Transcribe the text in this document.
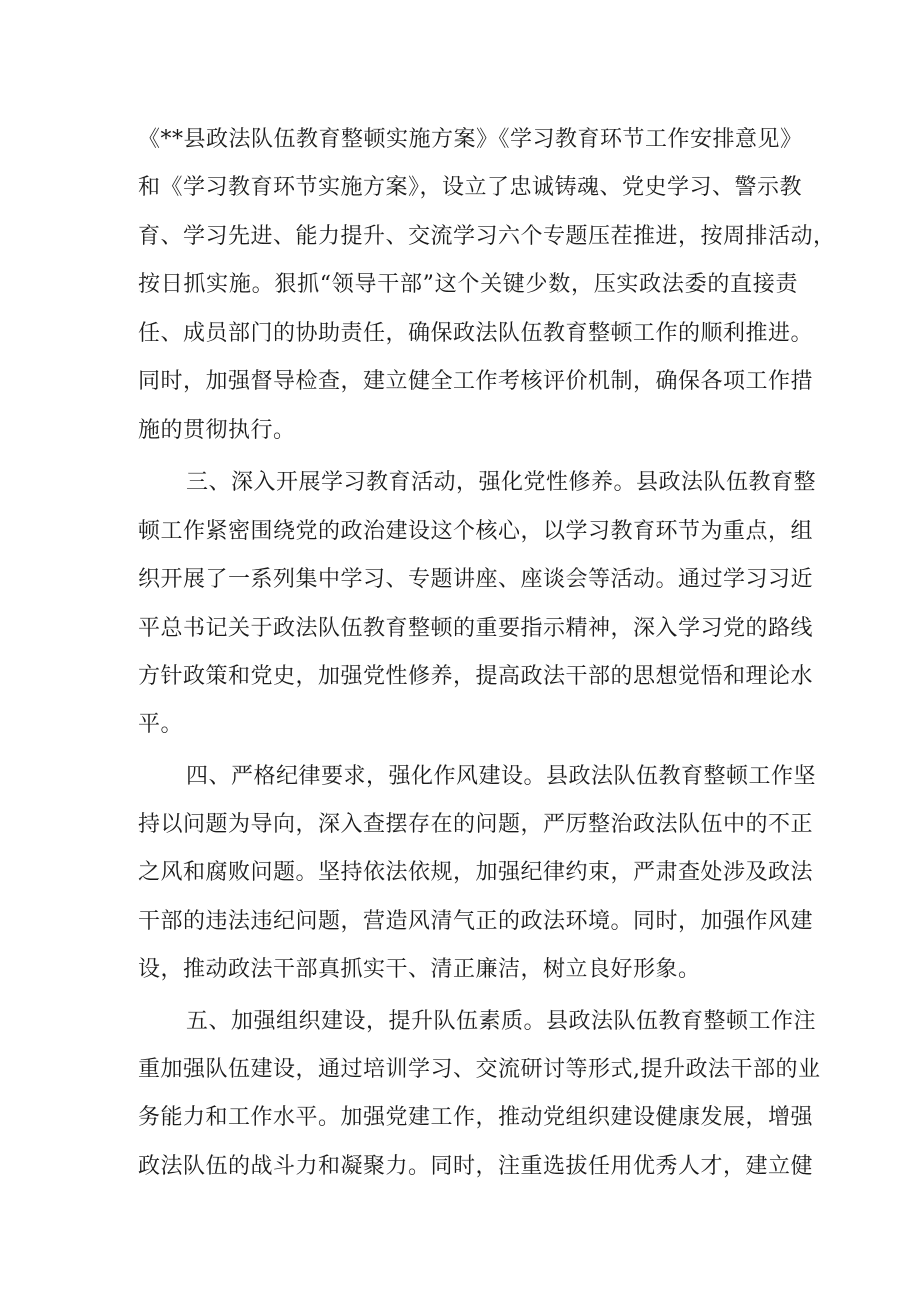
《**县政法队伍教育整顿实施方案》《学习教育环节工作安排意见》
和《学习教育环节实施方案》，设立了忠诚铸魂、党史学习、警示教
育、学习先进、能力提升、交流学习六个专题压茬推进，按周排活动，
按日抓实施。狠抓“领导干部”这个关键少数，压实政法委的直接责
任、成员部门的协助责任，确保政法队伍教育整顿工作的顺利推进。
同时，加强督导检查，建立健全工作考核评价机制，确保各项工作措
施的贯彻执行。
三、深入开展学习教育活动，强化党性修养。县政法队伍教育整
顿工作紧密围绕党的政治建设这个核心，以学习教育环节为重点，组
织开展了一系列集中学习、专题讲座、座谈会等活动。通过学习习近
平总书记关于政法队伍教育整顿的重要指示精神，深入学习党的路线
方针政策和党史，加强党性修养，提高政法干部的思想觉悟和理论水
平。
四、严格纪律要求，强化作风建设。县政法队伍教育整顿工作坚
持以问题为导向，深入查摆存在的问题，严厉整治政法队伍中的不正
之风和腐败问题。坚持依法依规，加强纪律约束，严肃查处涉及政法
干部的违法违纪问题，营造风清气正的政法环境。同时，加强作风建
设，推动政法干部真抓实干、清正廉洁，树立良好形象。
五、加强组织建设，提升队伍素质。县政法队伍教育整顿工作注
重加强队伍建设，通过培训学习、交流研讨等形式,提升政法干部的业
务能力和工作水平。加强党建工作，推动党组织建设健康发展，增强
政法队伍的战斗力和凝聚力。同时，注重选拔任用优秀人才，建立健
